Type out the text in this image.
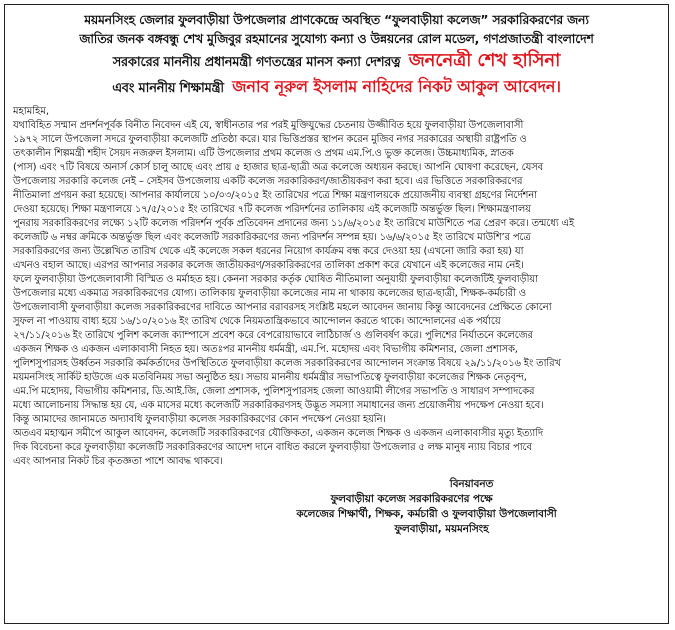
ময়মনসিংহ জেলার ফুলবাড়ীয়া উপজেলার প্রাণকেন্দ্রে অবস্থিত “ফুলবাড়ীয়া কলেজ” সরকারিকরণের জন্য
জাতির জনক বঙ্গবন্ধু শেখ মুজিবুর রহমানের সুযোগ্য কন্যা ও উন্নয়নের রোল মডেল, গণপ্রজাতন্ত্রী বাংলাদেশ
সরকারের মাননীয় প্রধানমন্ত্রী গণতন্ত্রের মানস কন্যা দেশরত্ন জননেত্রী শেখ হাসিনা
এবং মাননীয় শিক্ষামন্ত্রী জনাব নূরুল ইসলাম নাহিদের নিকট আকুল আবেদন।
মহামহিম,
যথাবিহিত সম্মান প্রদর্শনপূর্বক বিনীত নিবেদন এই যে, স্বাধীনতার পর পরই মুক্তিযুদ্ধের চেতনায় উজ্জীবিত হয়ে ফুলবাড়ীয়া উপজেলাবাসী
১৯৭২ সালে উপজেলা সদরে ফুলবাড়ীয়া কলেজটি প্রতিষ্ঠা করে। যার ভিত্তিপ্রস্তর স্থাপন করেন মুজিব নগর সরকারের অস্থায়ী রাষ্ট্রপতি ও
তৎকালীন শিল্পমন্ত্রী শহীদ সৈয়দ নজরুল ইসলাম। এটি উপজেলার প্রথম কলেজ ও প্রথম এম.পি.ও ভুক্ত কলেজ। উচ্চমাধ্যমিক, স্নাতক
(পাস) এবং ৭টি বিষয়ে অনার্স কোর্স চালু আছে এবং প্রায় ৫ হাজার ছাত্র-ছাত্রী অত্র কলেজে অধ্যয়ন করছে। আপনি ঘোষণা করেছেন, যেসব
উপজেলায় সরকারি কলেজ নেই – সেইসব উপজেলায় একটি কলেজ সরকারিকরণ/জাতীয়করণ করা হবে। এর ভিত্তিতে সরকারিকরণের
নীতিমালা প্রণয়ন করা হয়েছে। আপনার কার্যালয়ে ১০/০৩/২০১৫ ইং তারিখের পত্রে শিক্ষা মন্ত্রণালয়কে প্রয়োজনীয় ব্যবস্থা গ্রহণের নির্দেশনা
দেওয়া হয়েছে। শিক্ষা মন্ত্রণালয়ে ১৭/৫/২০১৫ ইং তারিখের ৭টি কলেজ পরিদর্শনের তালিকায় এই কলেজটি অন্তর্ভুক্ত ছিল। শিক্ষামন্ত্রণালয়
পুনরায় সরকারিকরণের লক্ষ্যে ১২টি কলেজ পরিদর্শন পূর্বক প্রতিবেদন প্রদানের জন্য ১১/৬/২০১৫ ইং তারিখে মাউশিতে পত্র প্রেরণ করে। তন্মধ্যে এই
কলেজটি ৬ নম্বর ক্রমিকে অন্তর্ভুক্ত ছিল এবং কলেজটি সরকারিকরণের জন্য পরিদর্শন সম্পন্ন হয়। ১৬/৬/২০১৫ ইং তারিখে মাউশি’র পত্রে
সরকারিকরণের জন্য উল্লেখিত তারিখ থেকে এই কলেজে সকল ধরনের নিয়োগ কার্যক্রম বন্ধ করে দেওয়া হয় (এখনো জারি করা হয়) যা
এখনও বহাল আছে। এরপর আপনার সরকার কলেজ জাতীয়করণ/সরকারিকরণের তালিকা প্রকাশ করে যেখানে এই কলেজের নাম নেই।
ফলে ফুলবাড়ীয়া উপজেলাবাসী বিস্মিত ও মর্মাহত হয়। কেননা সরকার কর্তৃক ঘোষিত নীতিমালা অনুযায়ী ফুলবাড়ীয়া কলেজটিই ফুলবাড়ীয়া
উপজেলার মধ্যে একমাত্র সরকারিকরণের যোগ্য। তালিকায় ফুলবাড়ীয়া কলেজের নাম না থাকায় কলেজের ছাত্র-ছাত্রী, শিক্ষক-কর্মচারী ও
উপজেলাবাসী ফুলবাড়ীয়া কলেজ সরকারিকরণের দাবিতে আপনার বরাবরসহ সংশ্লিষ্ট মহলে আবেদন জানায় কিন্তু আবেদনের প্রেক্ষিতে কোনো
সুফল না পাওয়ায় বাধ্য হয়ে ১৬/১০/২০১৬ ইং তারিখ থেকে নিয়মতান্ত্রিকভাবে আন্দোলন করতে থাকে। আন্দোলনের এক পর্যায়ে
২৭/১১/২০১৬ ইং তারিখে পুলিশ কলেজ ক্যাম্পাসে প্রবেশ করে বেপরোয়াভাবে লাঠিচার্জ ও গুলিবর্ষণ করে। পুলিশের নির্যাতনে কলেজের
একজন শিক্ষক ও একজন এলাকাবাসী নিহত হয়। অতঃপর মাননীয় ধর্মমন্ত্রী, এম.পি. মহোদয় এবং বিভাগীয় কমিশনার, জেলা প্রশাসক,
পুলিশসুপারসহ উর্ধ্বতন সরকারি কর্মকর্তাদের উপস্থিতিতে ফুলবাড়ীয়া কলেজ সরকারিকরণের আন্দোলন সংক্রান্ত বিষয়ে ২৯/১১/২০১৬ ইং তারিখ
ময়মনসিংহ সার্কিট হাউজে এক মতবিনিময় সভা অনুষ্ঠিত হয়। সভায় মাননীয় ধর্মমন্ত্রীর সভাপতিত্বে ফুলবাড়ীয়া কলেজের শিক্ষক নেতৃবৃন্দ,
এম.পি মহোদয়, বিভাগীয় কমিশনার, ডি.আই.জি, জেলা প্রশাসক, পুলিশসুপারসহ জেলা আওয়ামী লীগের সভাপতি ও সাধারণ সম্পাদকের
মধ্যে আলোচনায় সিদ্ধান্ত হয় যে, এক মাসের মধ্যে কলেজটি সরকারিকরণসহ উদ্ভূত সমস্যা সমাধানের জন্য প্রয়োজনীয় পদক্ষেপ নেওয়া হবে।
কিন্তু আমাদের জানামতে অদ্যাবধি ফুলবাড়ীয়া কলেজ সরকারিকরণের কোন পদক্ষেপ নেওয়া হয়নি।
অতএব মহাত্মন সমীপে আকুল আবেদন, কলেজটি সরকারিকরণের যৌক্তিকতা, একজন কলেজ শিক্ষক ও একজন এলাকাবাসীর মৃত্যু ইত্যাদি
দিক বিবেচনা করে ফুলবাড়ীয়া কলেজটি সরকারিকরণের আদেশ দানে বাধিত করলে ফুলবাড়ীয়া উপজেলার ৫ লক্ষ মানুষ ন্যায় বিচার পাবে
এবং আপনার নিকট চির কৃতজ্ঞতা পাশে আবদ্ধ থাকবে।
বিনয়াবনত
ফুলবাড়ীয়া কলেজ সরকারিকরণের পক্ষে
কলেজের শিক্ষার্থী, শিক্ষক, কর্মচারী ও ফুলবাড়ীয়া উপজেলাবাসী
ফুলবাড়ীয়া, ময়মনসিংহ
